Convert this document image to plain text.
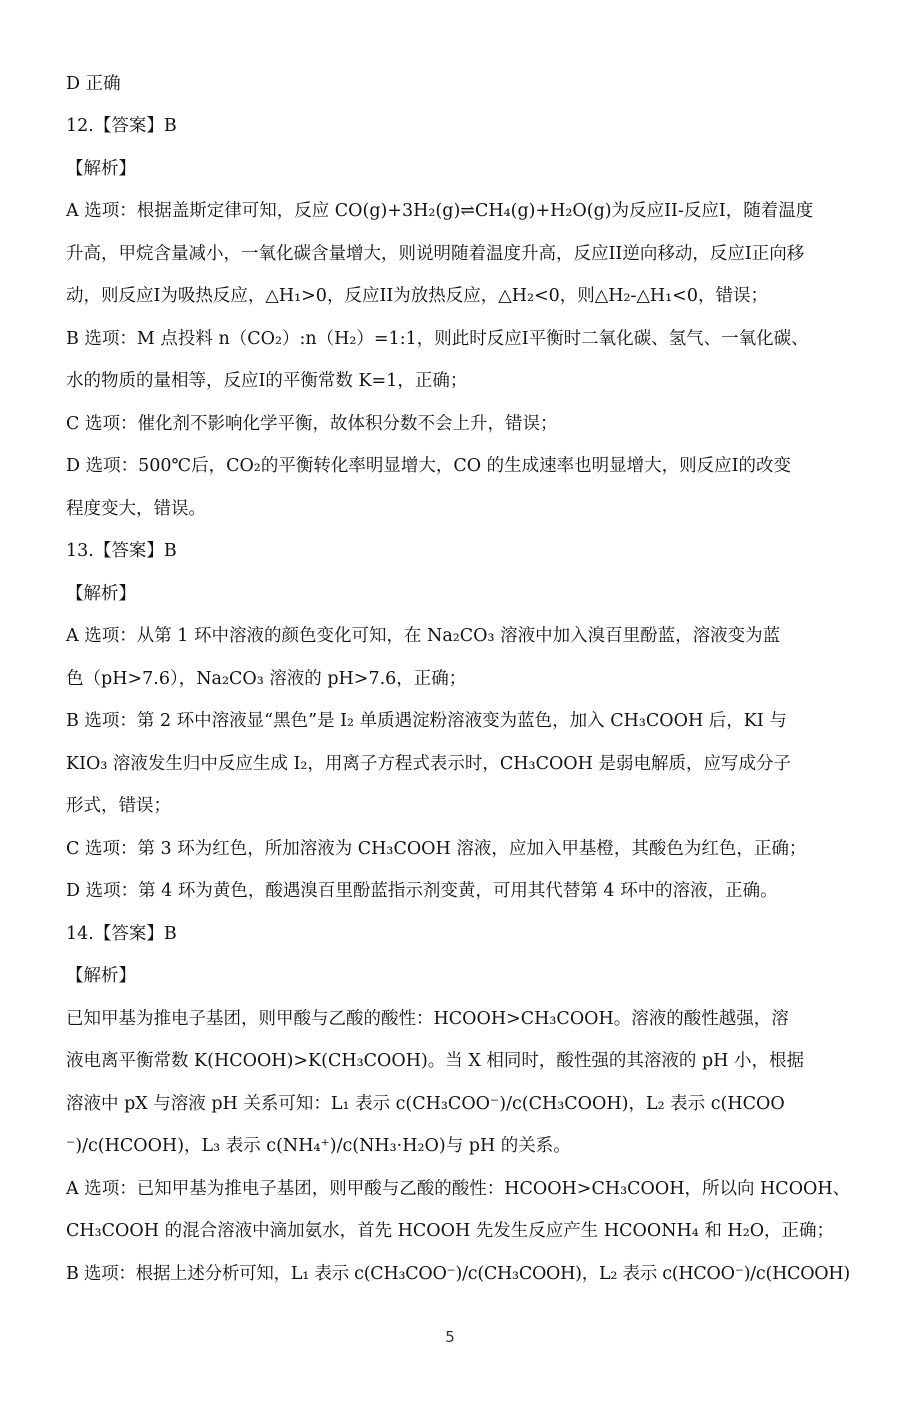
D 正确
12.【答案】B
【解析】
A 选项：根据盖斯定律可知，反应 CO(g)+3H₂(g)⇌CH₄(g)+H₂O(g)为反应II-反应I，随着温度
升高，甲烷含量减小，一氧化碳含量增大，则说明随着温度升高，反应II逆向移动，反应I正向移
动，则反应I为吸热反应，△H₁>0，反应II为放热反应，△H₂<0，则△H₂-△H₁<0，错误；
B 选项：M 点投料 n（CO₂）:n（H₂）=1:1，则此时反应I平衡时二氧化碳、氢气、一氧化碳、
水的物质的量相等，反应I的平衡常数 K=1，正确；
C 选项：催化剂不影响化学平衡，故体积分数不会上升，错误；
D 选项：500℃后，CO₂的平衡转化率明显增大，CO 的生成速率也明显增大，则反应I的改变
程度变大，错误。
13.【答案】B
【解析】
A 选项：从第 1 环中溶液的颜色变化可知，在 Na₂CO₃ 溶液中加入溴百里酚蓝，溶液变为蓝
色（pH>7.6），Na₂CO₃ 溶液的 pH>7.6，正确；
B 选项：第 2 环中溶液显“黑色”是 I₂ 单质遇淀粉溶液变为蓝色，加入 CH₃COOH 后，KI 与
KIO₃ 溶液发生归中反应生成 I₂，用离子方程式表示时，CH₃COOH 是弱电解质，应写成分子
形式，错误；
C 选项：第 3 环为红色，所加溶液为 CH₃COOH 溶液，应加入甲基橙，其酸色为红色，正确；
D 选项：第 4 环为黄色，酸遇溴百里酚蓝指示剂变黄，可用其代替第 4 环中的溶液，正确。
14.【答案】B
【解析】
已知甲基为推电子基团，则甲酸与乙酸的酸性：HCOOH>CH₃COOH。溶液的酸性越强，溶
液电离平衡常数 K(HCOOH)>K(CH₃COOH)。当 X 相同时，酸性强的其溶液的 pH 小，根据
溶液中 pX 与溶液 pH 关系可知：L₁ 表示 c(CH₃COO⁻)/c(CH₃COOH)，L₂ 表示 c(HCOO
⁻)/c(HCOOH)，L₃ 表示 c(NH₄⁺)/c(NH₃·H₂O)与 pH 的关系。
A 选项：已知甲基为推电子基团，则甲酸与乙酸的酸性：HCOOH>CH₃COOH，所以向 HCOOH、
CH₃COOH 的混合溶液中滴加氨水，首先 HCOOH 先发生反应产生 HCOONH₄ 和 H₂O，正确；
B 选项：根据上述分析可知，L₁ 表示 c(CH₃COO⁻)/c(CH₃COOH)，L₂ 表示 c(HCOO⁻)/c(HCOOH)
5
